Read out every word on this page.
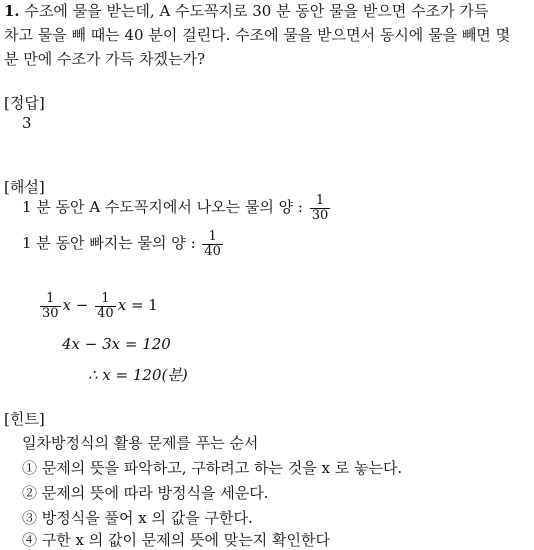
1. 수조에 물을 받는데, A 수도꼭지로 30 분 동안 물을 받으면 수조가 가득
차고 물을 빼 때는 40 분이 걸린다. 수조에 물을 받으면서 동시에 물을 빼면 몇
분 만에 수조가 가득 차겠는가?
[정답]
3
[해설]
1 분 동안 A 수도꼭지에서 나오는 물의 양 : $\frac{1}{30}$
1 분 동안 빠지는 물의 양 : $\frac{1}{40}$
$\frac{1}{30}$ $x - \frac{1}{40}$ x = 1
4x − 3x = 120
∴ x = 120(분)
[힌트]
일차방정식의 활용 문제를 푸는 순서
① 문제의 뜻을 파악하고, 구하려고 하는 것을 x 로 놓는다.
② 문제의 뜻에 따라 방정식을 세운다.
③ 방정식을 풀어 x 의 값을 구한다.
④ 구한 x 의 값이 문제의 뜻에 맞는지 확인한다
